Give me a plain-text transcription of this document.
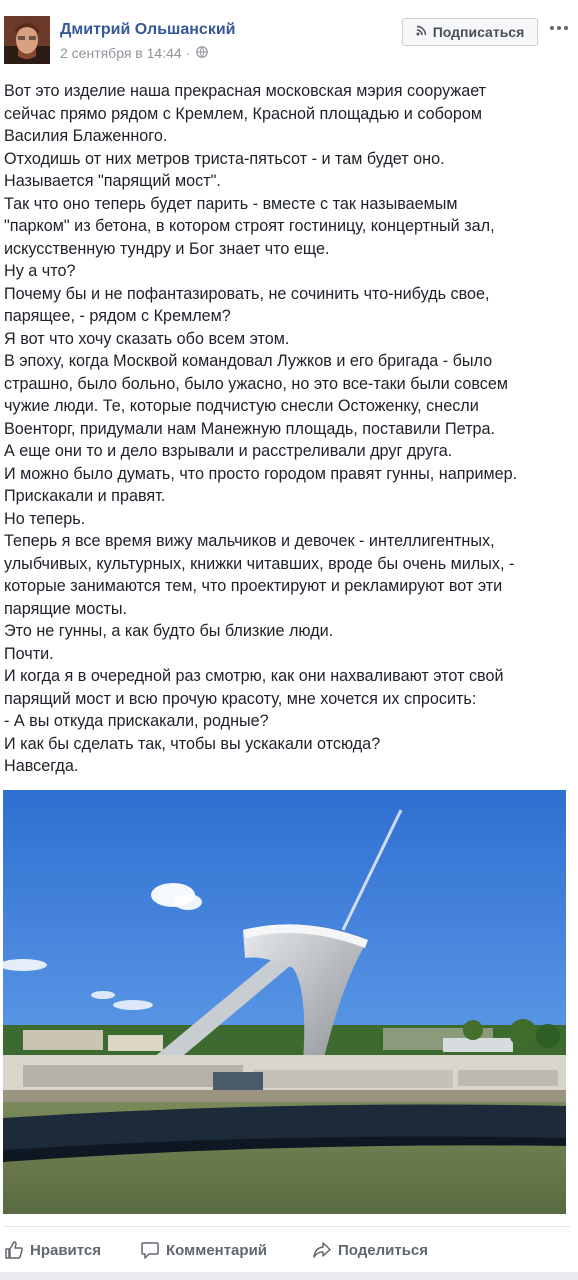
Дмитрий Ольшанский
2 сентября в 14:44 ·
Подписаться
Вот это изделие наша прекрасная московская мэрия сооружает
сейчас прямо рядом с Кремлем, Красной площадью и собором
Василия Блаженного.
Отходишь от них метров триста-пятьсот - и там будет оно.
Называется "парящий мост".
Так что оно теперь будет парить - вместе с так называемым
"парком" из бетона, в котором строят гостиницу, концертный зал,
искусственную тундру и Бог знает что еще.
Ну а что?
Почему бы и не пофантазировать, не сочинить что-нибудь свое,
парящее, - рядом с Кремлем?
Я вот что хочу сказать обо всем этом.
В эпоху, когда Москвой командовал Лужков и его бригада - было
страшно, было больно, было ужасно, но это все-таки были совсем
чужие люди. Те, которые подчистую снесли Остоженку, снесли
Военторг, придумали нам Манежную площадь, поставили Петра.
А еще они то и дело взрывали и расстреливали друг друга.
И можно было думать, что просто городом правят гунны, например.
Прискакали и правят.
Но теперь.
Теперь я все время вижу мальчиков и девочек - интеллигентных,
улыбчивых, культурных, книжки читавших, вроде бы очень милых, -
которые занимаются тем, что проектируют и рекламируют вот эти
парящие мосты.
Это не гунны, а как будто бы близкие люди.
Почти.
И когда я в очередной раз смотрю, как они нахваливают этот свой
парящий мост и всю прочую красоту, мне хочется их спросить:
- А вы откуда прискакали, родные?
И как бы сделать так, чтобы вы ускакали отсюда?
Навсегда.
Нравится	Комментарий	Поделиться
